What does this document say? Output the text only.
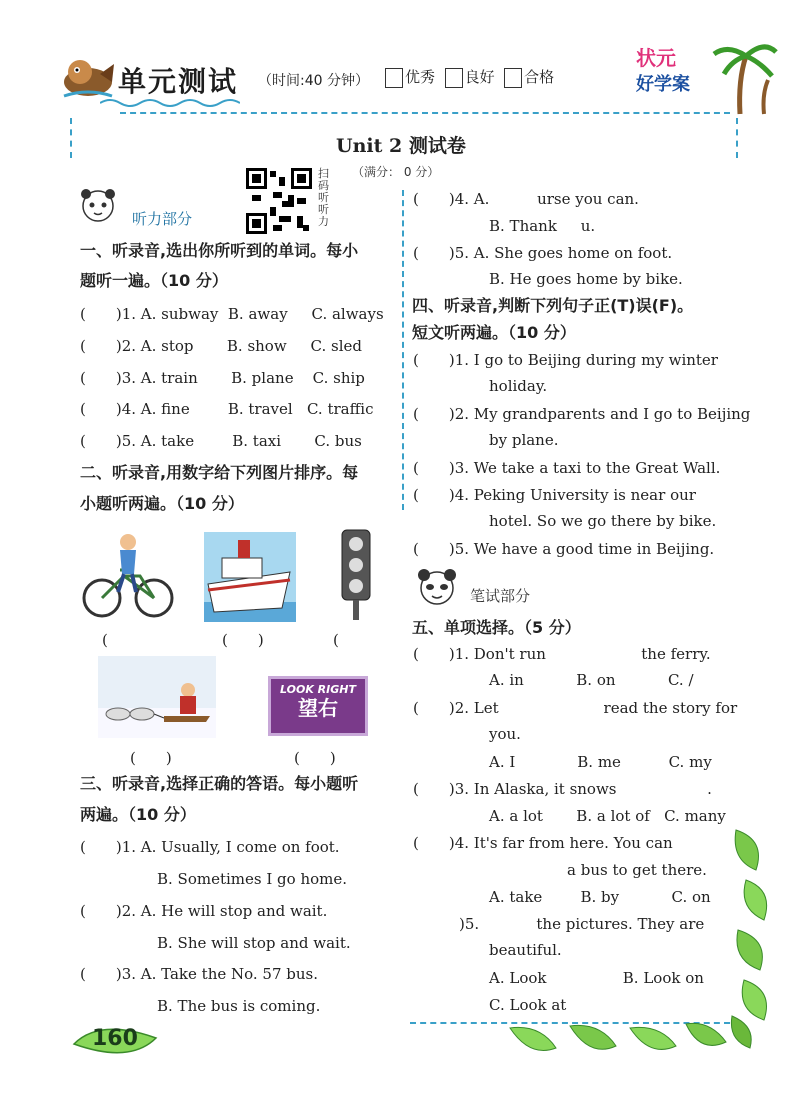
单元测试 （时间:40 分钟）	优秀 良好 合格
状元
好学案
Unit 2 测试卷
（满分： 0 分）
扫码听听力
听力部分
一、听录音,选出你所听到的单词。每小
题听一遍。（10 分）
(　　)1. A. subway  B. away     C. always
(　　)2. A. stop       B. show     C. sled
(　　)3. A. train       B. plane    C. ship
(　　)4. A. fine        B. travel   C. traffic
(　　)5. A. take        B. taxi       C. bus
二、听录音,用数字给下列图片排序。每
小题听两遍。（10 分）
(	(　　)	(
LOOK RIGHT
望右
(　　)	(　　)
三、听录音,选择正确的答语。每小题听
两遍。（10 分）
(　　)1. A. Usually, I come on foot.
B. Sometimes I go home.
(　　)2. A. He will stop and wait.
B. She will stop and wait.
(　　)3. A. Take the No. 57 bus.
B. The bus is coming.
(　　)4. A.          urse you can.
B. Thank     u.
(　　)5. A. She goes home on foot.
B. He goes home by bike.
四、听录音,判断下列句子正(T)误(F)。
短文听两遍。（10 分）
(　　)1. I go to Beijing during my winter
holiday.
(　　)2. My grandparents and I go to Beijing
by plane.
(　　)3. We take a taxi to the Great Wall.
(　　)4. Peking University is near our
hotel. So we go there by bike.
(　　)5. We have a good time in Beijing.
笔试部分
五、单项选择。（5 分）
(　　)1. Don't run                    the ferry.
A. in           B. on           C. /
(　　)2. Let                      read the story for
you.
A. I             B. me          C. my
(　　)3. In Alaska, it snows                   .
A. a lot       B. a lot of   C. many
(　　)4. It's far from here. You can
a bus to get there.
A. take        B. by           C. on
)5.            the pictures. They are
beautiful.
A. Look                B. Look on
C. Look at
160
